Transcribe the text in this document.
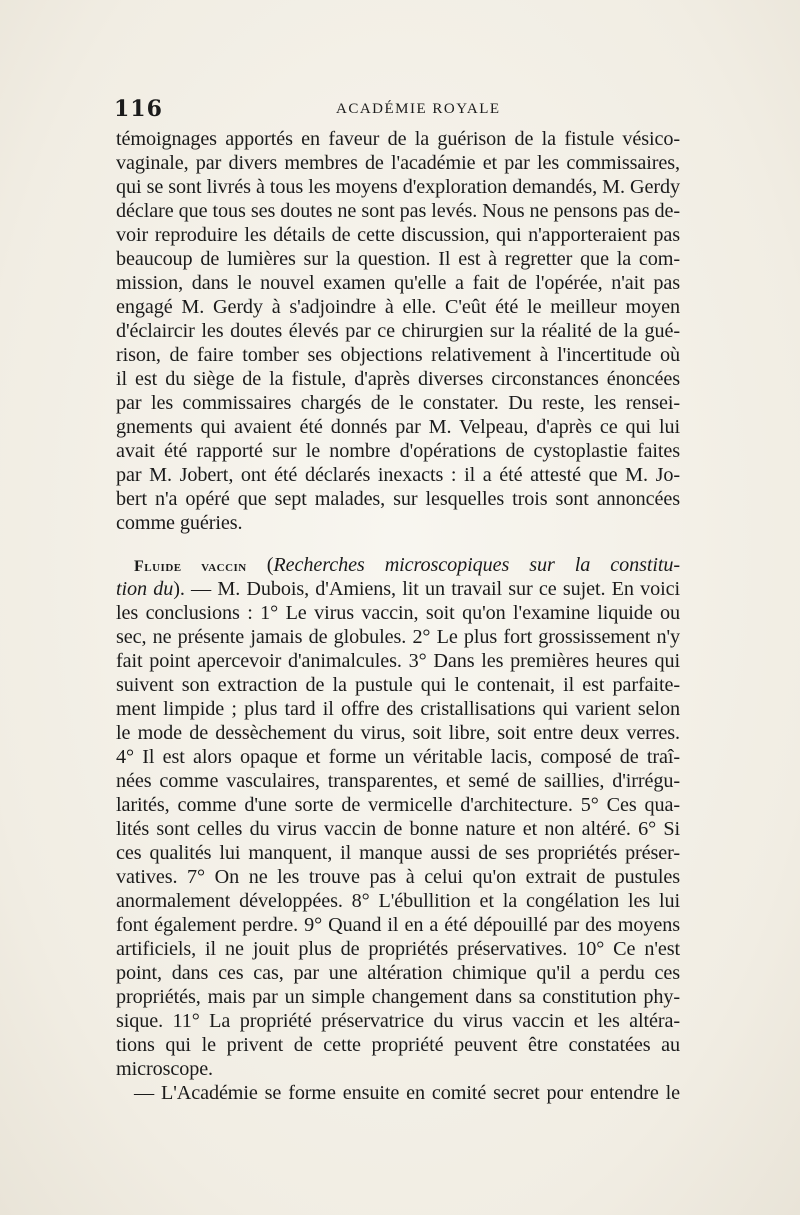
116	ACADÉMIE ROYALE
témoignages apportés en faveur de la guérison de la fistule vésico-
vaginale, par divers membres de l'académie et par les commissaires,
qui se sont livrés à tous les moyens d'exploration demandés, M. Gerdy
déclare que tous ses doutes ne sont pas levés. Nous ne pensons pas de-
voir reproduire les détails de cette discussion, qui n'apporteraient pas
beaucoup de lumières sur la question. Il est à regretter que la com-
mission, dans le nouvel examen qu'elle a fait de l'opérée, n'ait pas
engagé M. Gerdy à s'adjoindre à elle. C'eût été le meilleur moyen
d'éclaircir les doutes élevés par ce chirurgien sur la réalité de la gué-
rison, de faire tomber ses objections relativement à l'incertitude où
il est du siège de la fistule, d'après diverses circonstances énoncées
par les commissaires chargés de le constater. Du reste, les rensei-
gnements qui avaient été donnés par M. Velpeau, d'après ce qui lui
avait été rapporté sur le nombre d'opérations de cystoplastie faites
par M. Jobert, ont été déclarés inexacts : il a été attesté que M. Jo-
bert n'a opéré que sept malades, sur lesquelles trois sont annoncées
comme guéries.
Fluide vaccin (Recherches microscopiques sur la constitu-
tion du). — M. Dubois, d'Amiens, lit un travail sur ce sujet. En voici
les conclusions : 1° Le virus vaccin, soit qu'on l'examine liquide ou
sec, ne présente jamais de globules. 2° Le plus fort grossissement n'y
fait point apercevoir d'animalcules. 3° Dans les premières heures qui
suivent son extraction de la pustule qui le contenait, il est parfaite-
ment limpide ; plus tard il offre des cristallisations qui varient selon
le mode de dessèchement du virus, soit libre, soit entre deux verres.
4° Il est alors opaque et forme un véritable lacis, composé de traî-
nées comme vasculaires, transparentes, et semé de saillies, d'irrégu-
larités, comme d'une sorte de vermicelle d'architecture. 5° Ces qua-
lités sont celles du virus vaccin de bonne nature et non altéré. 6° Si
ces qualités lui manquent, il manque aussi de ses propriétés préser-
vatives. 7° On ne les trouve pas à celui qu'on extrait de pustules
anormalement développées. 8° L'ébullition et la congélation les lui
font également perdre. 9° Quand il en a été dépouillé par des moyens
artificiels, il ne jouit plus de propriétés préservatives. 10° Ce n'est
point, dans ces cas, par une altération chimique qu'il a perdu ces
propriétés, mais par un simple changement dans sa constitution phy-
sique. 11° La propriété préservatrice du virus vaccin et les altéra-
tions qui le privent de cette propriété peuvent être constatées au
microscope.
— L'Académie se forme ensuite en comité secret pour entendre le
